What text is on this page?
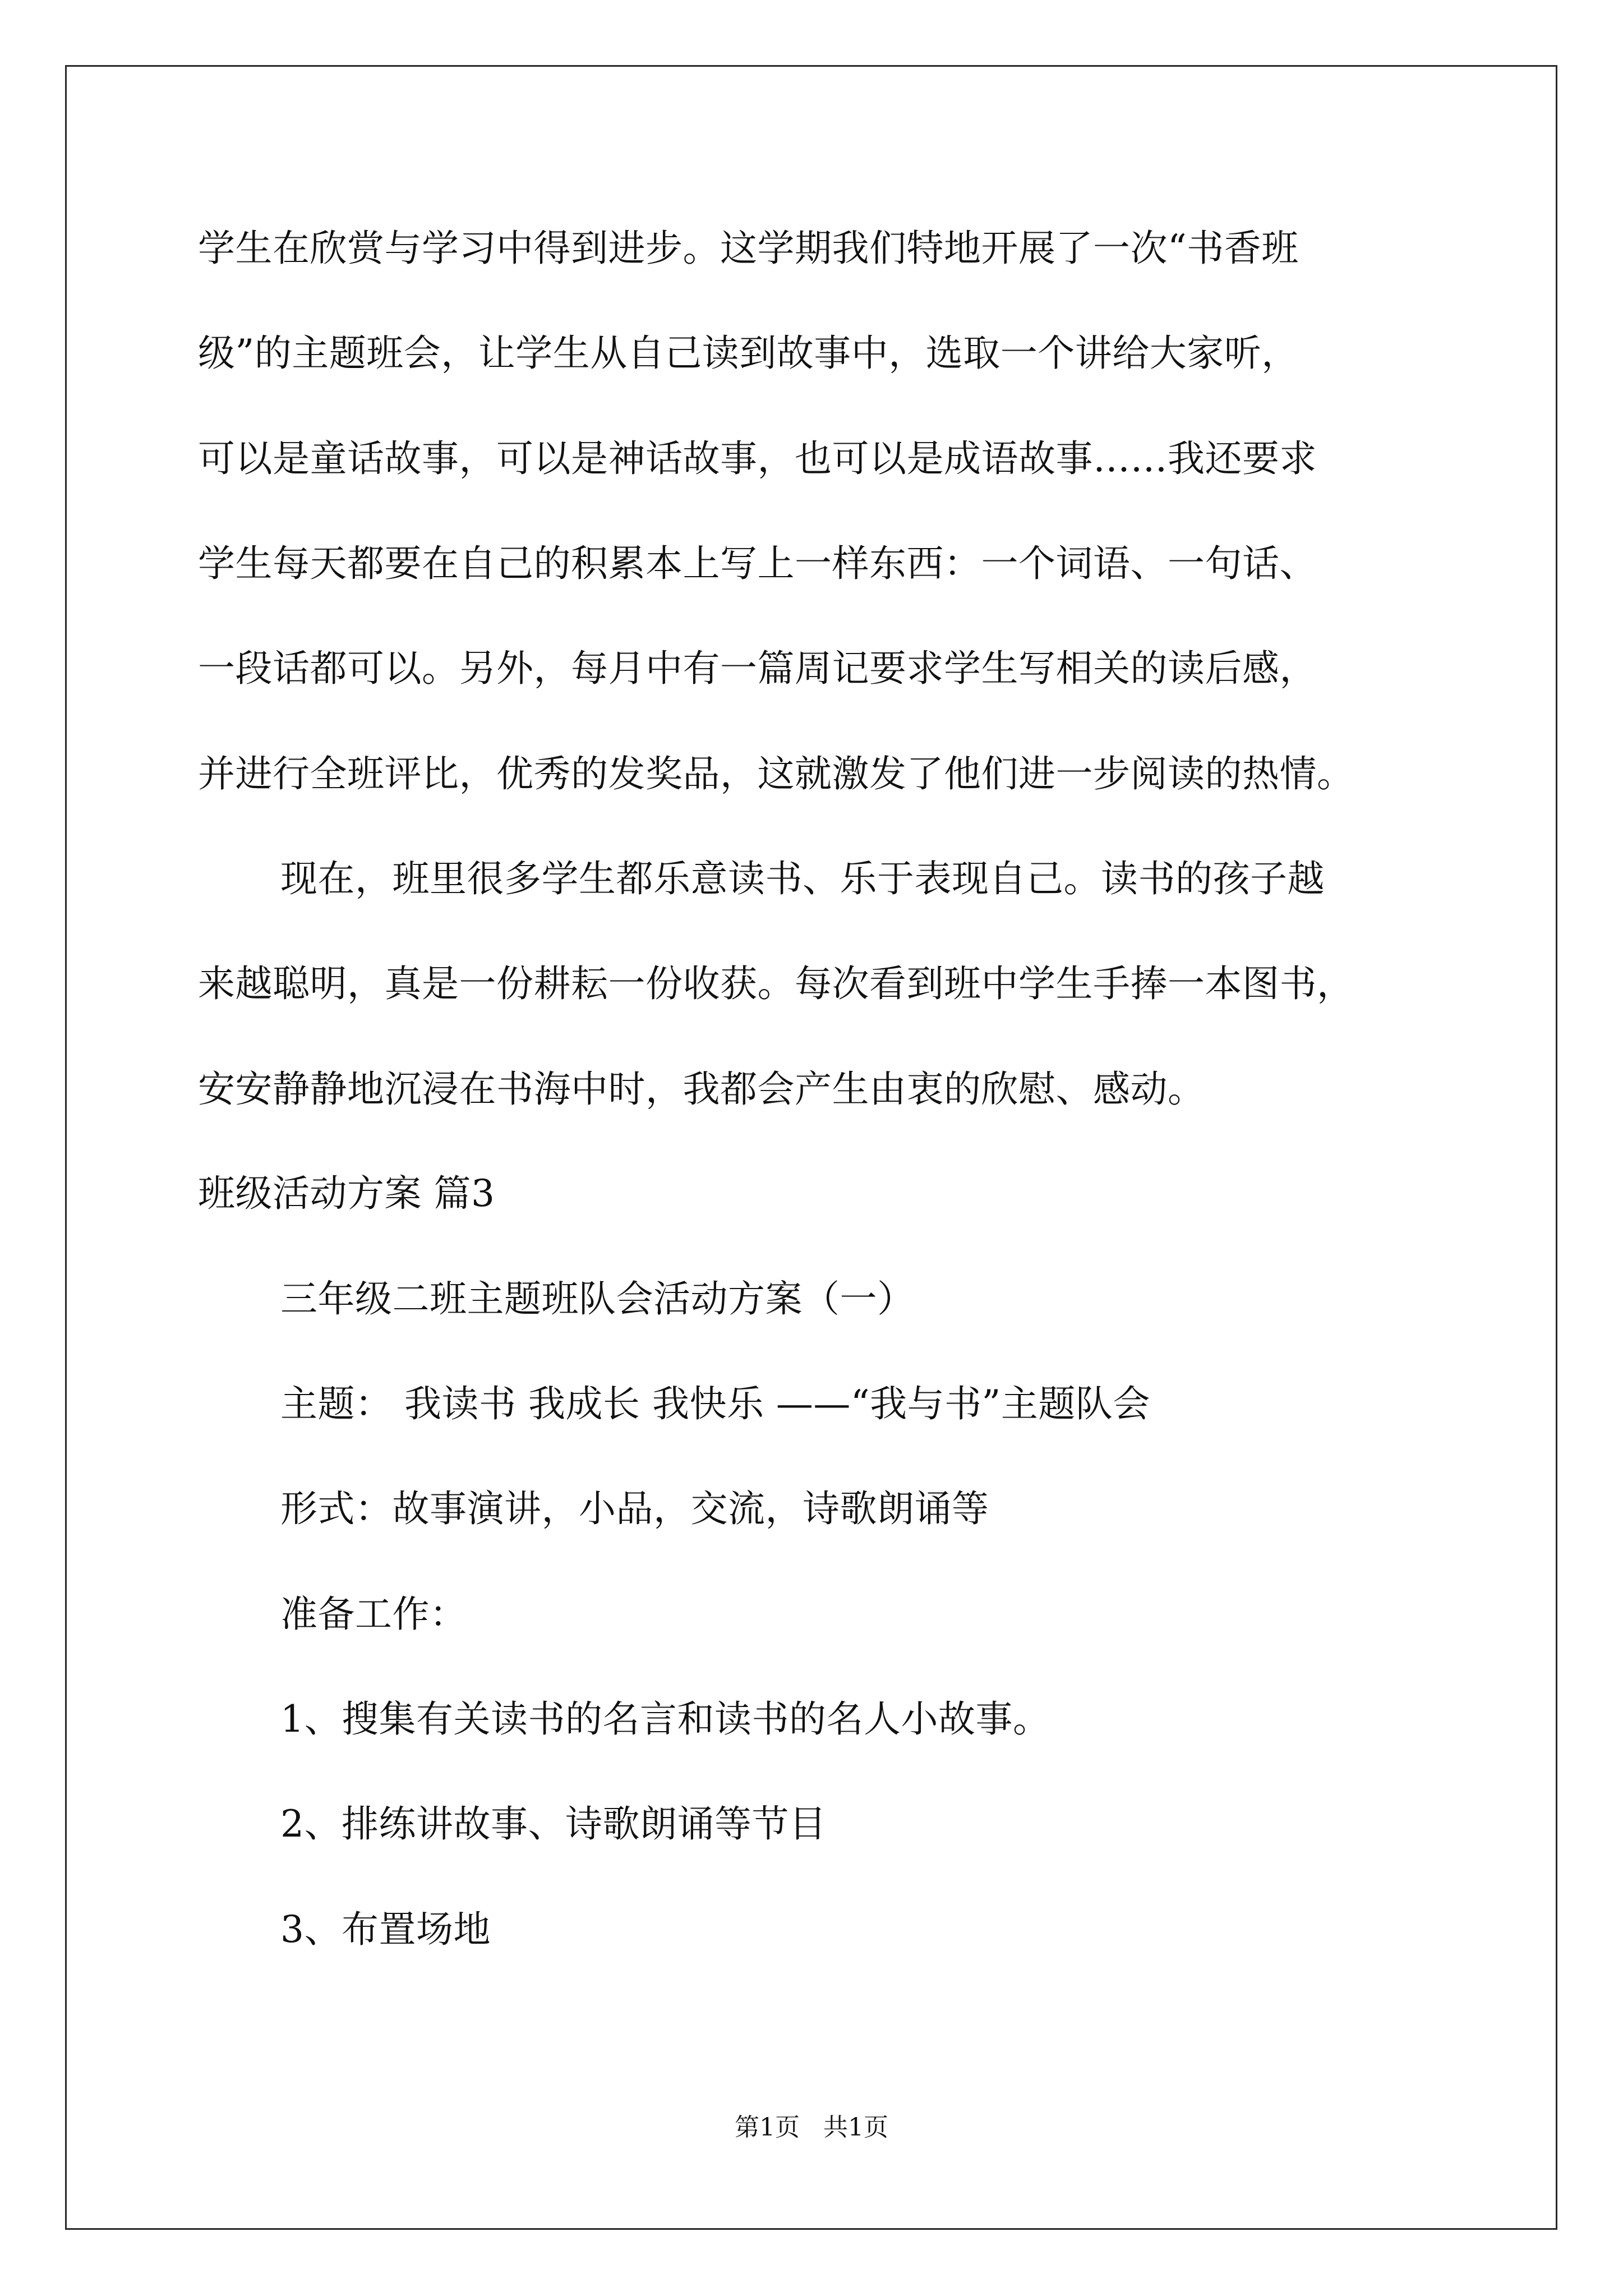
学生在欣赏与学习中得到进步。这学期我们特地开展了一次“书香班
级”的主题班会，让学生从自己读到故事中，选取一个讲给大家听，
可以是童话故事，可以是神话故事，也可以是成语故事……我还要求
学生每天都要在自己的积累本上写上一样东西：一个词语、一句话、
一段话都可以。另外，每月中有一篇周记要求学生写相关的读后感，
并进行全班评比，优秀的发奖品，这就激发了他们进一步阅读的热情。
现在，班里很多学生都乐意读书、乐于表现自己。读书的孩子越
来越聪明，真是一份耕耘一份收获。每次看到班中学生手捧一本图书，
安安静静地沉浸在书海中时，我都会产生由衷的欣慰、感动。
班级活动方案 篇3
三年级二班主题班队会活动方案（一）
主题： 我读书 我成长 我快乐 ——“我与书”主题队会
形式：故事演讲，小品，交流，诗歌朗诵等
准备工作：
1、搜集有关读书的名言和读书的名人小故事。
2、排练讲故事、诗歌朗诵等节目
3、布置场地
第1页   共1页
